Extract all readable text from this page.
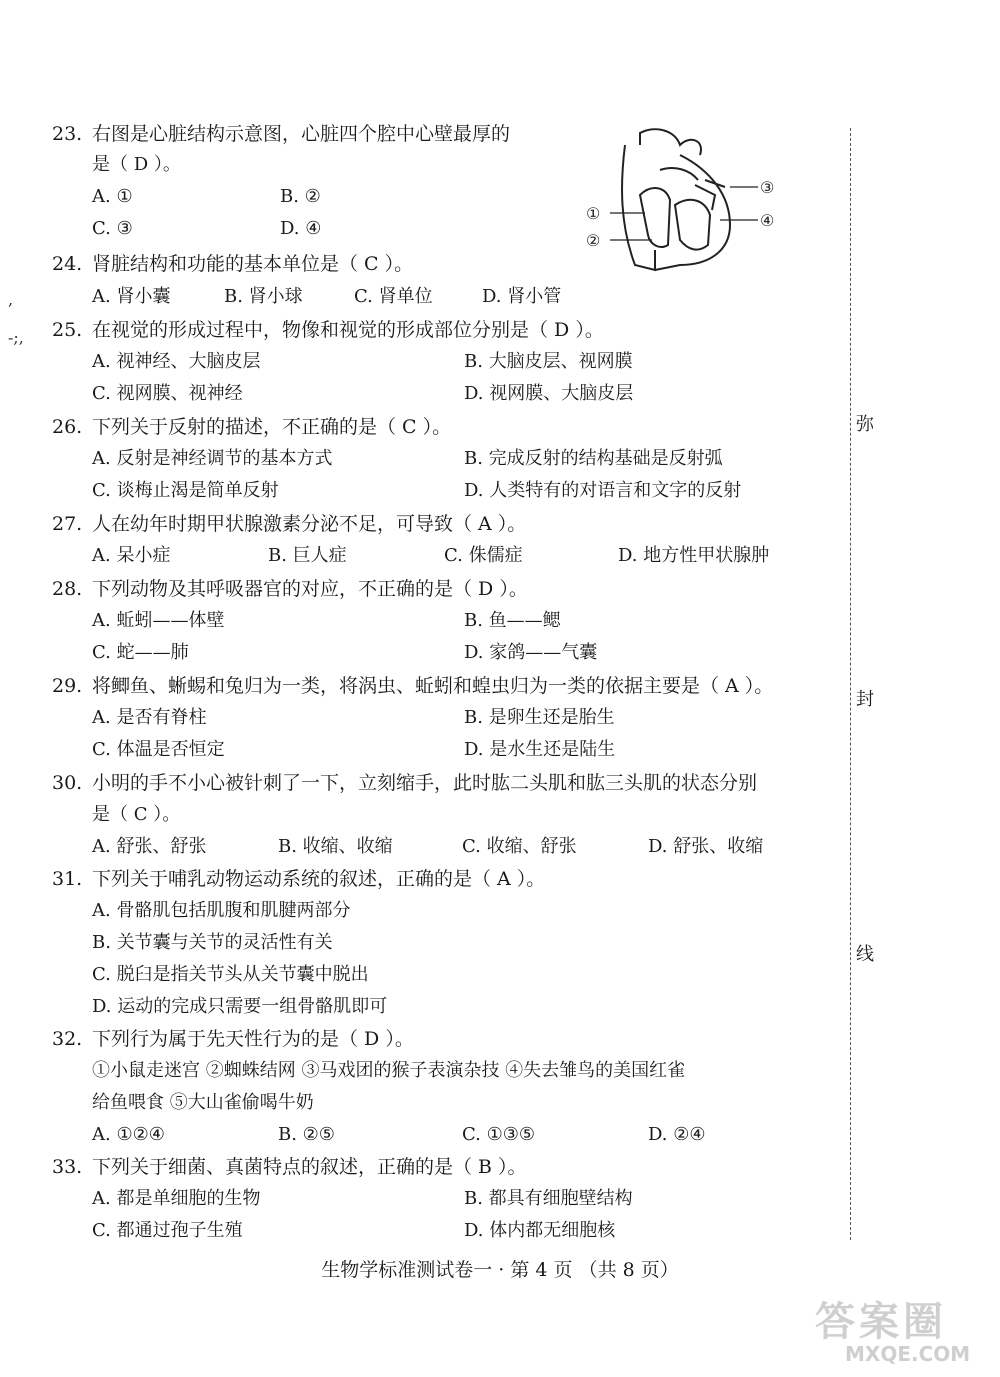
,

-;,
23. 右图是心脏结构示意图，心脏四个腔中心壁最厚的
是（ D ）。
A. ①	B. ②
C. ③	D. ④
①
②
③
④
24. 肾脏结构和功能的基本单位是（ C ）。
A. 肾小囊	B. 肾小球	C. 肾单位	D. 肾小管
25. 在视觉的形成过程中，物像和视觉的形成部位分别是（ D ）。
A. 视神经、大脑皮层	B. 大脑皮层、视网膜
C. 视网膜、视神经	D. 视网膜、大脑皮层
26. 下列关于反射的描述，不正确的是（ C ）。
A. 反射是神经调节的基本方式	B. 完成反射的结构基础是反射弧
C. 谈梅止渴是简单反射	D. 人类特有的对语言和文字的反射
27. 人在幼年时期甲状腺激素分泌不足，可导致（ A ）。
A. 呆小症	B. 巨人症	C. 侏儒症	D. 地方性甲状腺肿
28. 下列动物及其呼吸器官的对应，不正确的是（ D ）。
A. 蚯蚓——体壁	B. 鱼——鳃
C. 蛇——肺	D. 家鸽——气囊
29. 将鲫鱼、蜥蜴和兔归为一类，将涡虫、蚯蚓和蝗虫归为一类的依据主要是（ A ）。
A. 是否有脊柱	B. 是卵生还是胎生
C. 体温是否恒定	D. 是水生还是陆生
30. 小明的手不小心被针刺了一下，立刻缩手，此时肱二头肌和肱三头肌的状态分别
是（ C ）。
A. 舒张、舒张	B. 收缩、收缩	C. 收缩、舒张	D. 舒张、收缩
31. 下列关于哺乳动物运动系统的叙述，正确的是（ A ）。
A. 骨骼肌包括肌腹和肌腱两部分
B. 关节囊与关节的灵活性有关
C. 脱臼是指关节头从关节囊中脱出
D. 运动的完成只需要一组骨骼肌即可
32. 下列行为属于先天性行为的是（ D ）。
①小鼠走迷宫 ②蜘蛛结网 ③马戏团的猴子表演杂技 ④失去雏鸟的美国红雀
给鱼喂食 ⑤大山雀偷喝牛奶
A. ①②④	B. ②⑤	C. ①③⑤	D. ②④
33. 下列关于细菌、真菌特点的叙述，正确的是（ B ）。
A. 都是单细胞的生物	B. 都具有细胞壁结构
C. 都通过孢子生殖	D. 体内都无细胞核
弥
封
线
生物学标准测试卷一 · 第 4 页 （共 8 页）
答案圈
MXQE.COM
